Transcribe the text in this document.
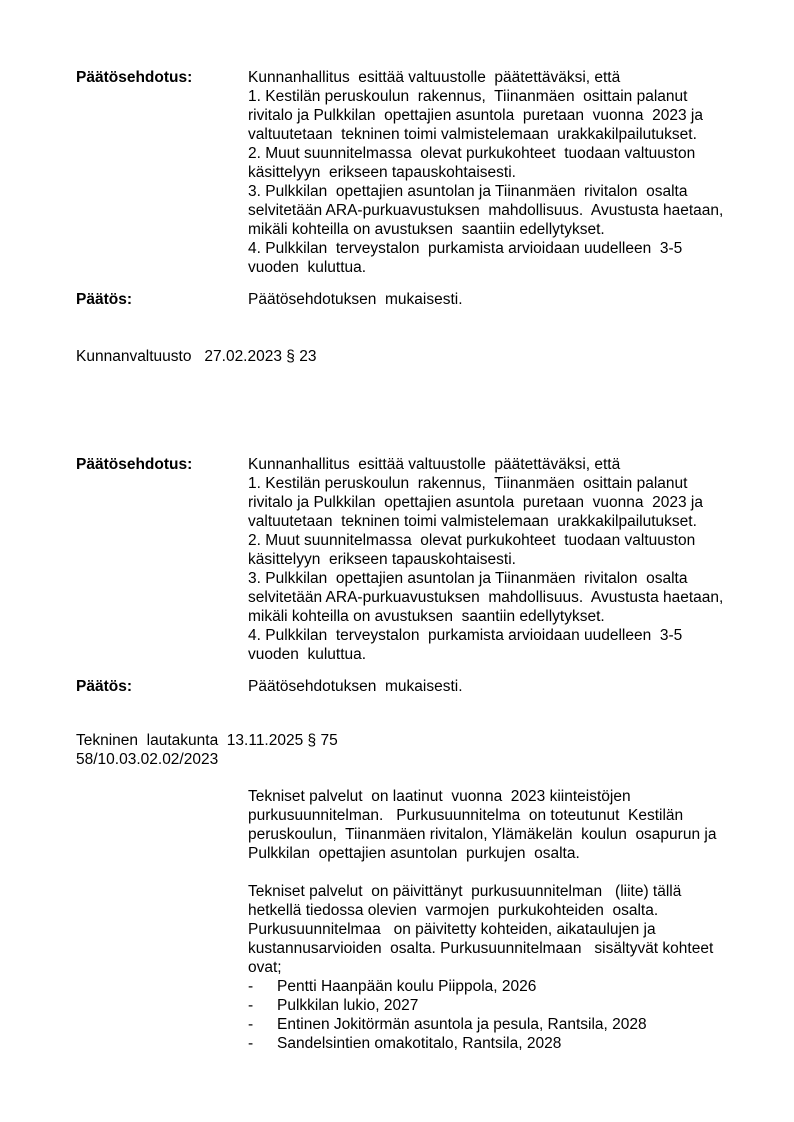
Päätösehdotus:	Kunnanhallitus  esittää valtuustolle  päätettäväksi, että
1. Kestilän peruskoulun  rakennus,  Tiinanmäen  osittain palanut
rivitalo ja Pulkkilan  opettajien asuntola  puretaan  vuonna  2023 ja
valtuutetaan  tekninen toimi valmistelemaan  urakkakilpailutukset.
2. Muut suunnitelmassa  olevat purkukohteet  tuodaan valtuuston
käsittelyyn  erikseen tapauskohtaisesti.
3. Pulkkilan  opettajien asuntolan ja Tiinanmäen  rivitalon  osalta
selvitetään ARA-purkuavustuksen  mahdollisuus.  Avustusta haetaan,
mikäli kohteilla on avustuksen  saantiin edellytykset.
4. Pulkkilan  terveystalon  purkamista arvioidaan uudelleen  3-5
vuoden  kuluttua.
Päätös:	Päätösehdotuksen  mukaisesti.
Kunnanvaltuusto   27.02.2023 § 23
Päätösehdotus:	Kunnanhallitus  esittää valtuustolle  päätettäväksi, että
1. Kestilän peruskoulun  rakennus,  Tiinanmäen  osittain palanut
rivitalo ja Pulkkilan  opettajien asuntola  puretaan  vuonna  2023 ja
valtuutetaan  tekninen toimi valmistelemaan  urakkakilpailutukset.
2. Muut suunnitelmassa  olevat purkukohteet  tuodaan valtuuston
käsittelyyn  erikseen tapauskohtaisesti.
3. Pulkkilan  opettajien asuntolan ja Tiinanmäen  rivitalon  osalta
selvitetään ARA-purkuavustuksen  mahdollisuus.  Avustusta haetaan,
mikäli kohteilla on avustuksen  saantiin edellytykset.
4. Pulkkilan  terveystalon  purkamista arvioidaan uudelleen  3-5
vuoden  kuluttua.
Päätös:	Päätösehdotuksen  mukaisesti.
Tekninen  lautakunta  13.11.2025 § 75
58/10.03.02.02/2023
Tekniset palvelut  on laatinut  vuonna  2023 kiinteistöjen
purkusuunnitelman.   Purkusuunnitelma  on toteutunut  Kestilän
peruskoulun,  Tiinanmäen rivitalon, Ylämäkelän  koulun  osapurun ja
Pulkkilan  opettajien asuntolan  purkujen  osalta.
Tekniset palvelut  on päivittänyt  purkusuunnitelman   (liite) tällä
hetkellä tiedossa olevien  varmojen  purkukohteiden  osalta.
Purkusuunnitelmaa   on päivitetty kohteiden, aikataulujen ja
kustannusarvioiden  osalta. Purkusuunnitelmaan   sisältyvät kohteet
ovat;
-	Pentti Haanpään koulu Piippola, 2026
-	Pulkkilan lukio, 2027
-	Entinen Jokitörmän asuntola ja pesula, Rantsila, 2028
-	Sandelsintien omakotitalo, Rantsila, 2028
